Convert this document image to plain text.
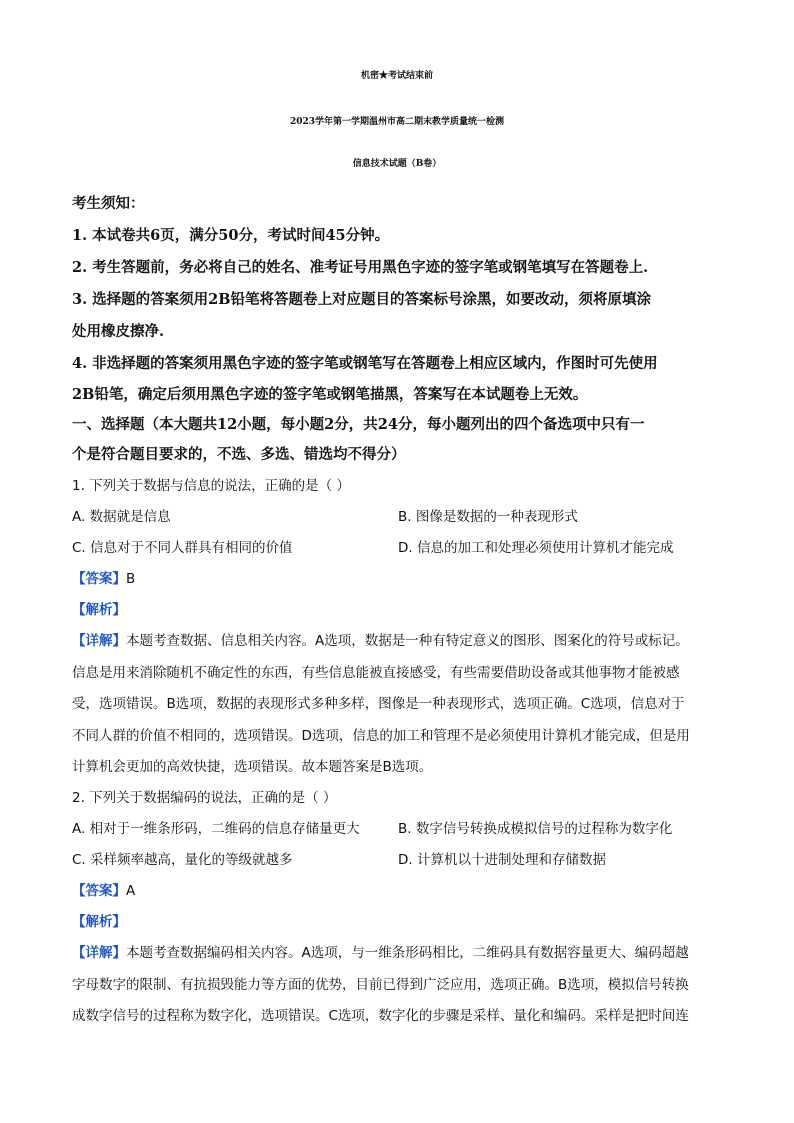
机密★考试结束前
2023学年第一学期温州市高二期末教学质量统一检测
信息技术试题（B卷）
考生须知：
1. 本试卷共6页，满分50分，考试时间45分钟。
2. 考生答题前，务必将自己的姓名、准考证号用黑色字迹的签字笔或钢笔填写在答题卷上.
3. 选择题的答案须用2B铅笔将答题卷上对应题目的答案标号涂黑，如要改动，须将原填涂
处用橡皮擦净.
4. 非选择题的答案须用黑色字迹的签字笔或钢笔写在答题卷上相应区域内，作图时可先使用
2B铅笔，确定后须用黑色字迹的签字笔或钢笔描黑，答案写在本试题卷上无效。
一、选择题（本大题共12小题，每小题2分，共24分，每小题列出的四个备选项中只有一
个是符合题目要求的，不选、多选、错选均不得分）
1. 下列关于数据与信息的说法，正确的是（ ）
A. 数据就是信息	B. 图像是数据的一种表现形式
C. 信息对于不同人群具有相同的价值	D. 信息的加工和处理必须使用计算机才能完成
【答案】B
【解析】
【详解】本题考查数据、信息相关内容。A选项，数据是一种有特定意义的图形、图案化的符号或标记。
信息是用来消除随机不确定性的东西，有些信息能被直接感受，有些需要借助设备或其他事物才能被感
受，选项错误。B选项，数据的表现形式多种多样，图像是一种表现形式，选项正确。C选项，信息对于
不同人群的价值不相同的，选项错误。D选项，信息的加工和管理不是必须使用计算机才能完成，但是用
计算机会更加的高效快捷，选项错误。故本题答案是B选项。
2. 下列关于数据编码的说法，正确的是（ ）
A. 相对于一维条形码，二维码的信息存储量更大	B. 数字信号转换成模拟信号的过程称为数字化
C. 采样频率越高，量化的等级就越多	D. 计算机以十进制处理和存储数据
【答案】A
【解析】
【详解】本题考查数据编码相关内容。A选项，与一维条形码相比，二维码具有数据容量更大、编码超越
字母数字的限制、有抗损毁能力等方面的优势，目前已得到广泛应用，选项正确。B选项，模拟信号转换
成数字信号的过程称为数字化，选项错误。C选项，数字化的步骤是采样、量化和编码。采样是把时间连
